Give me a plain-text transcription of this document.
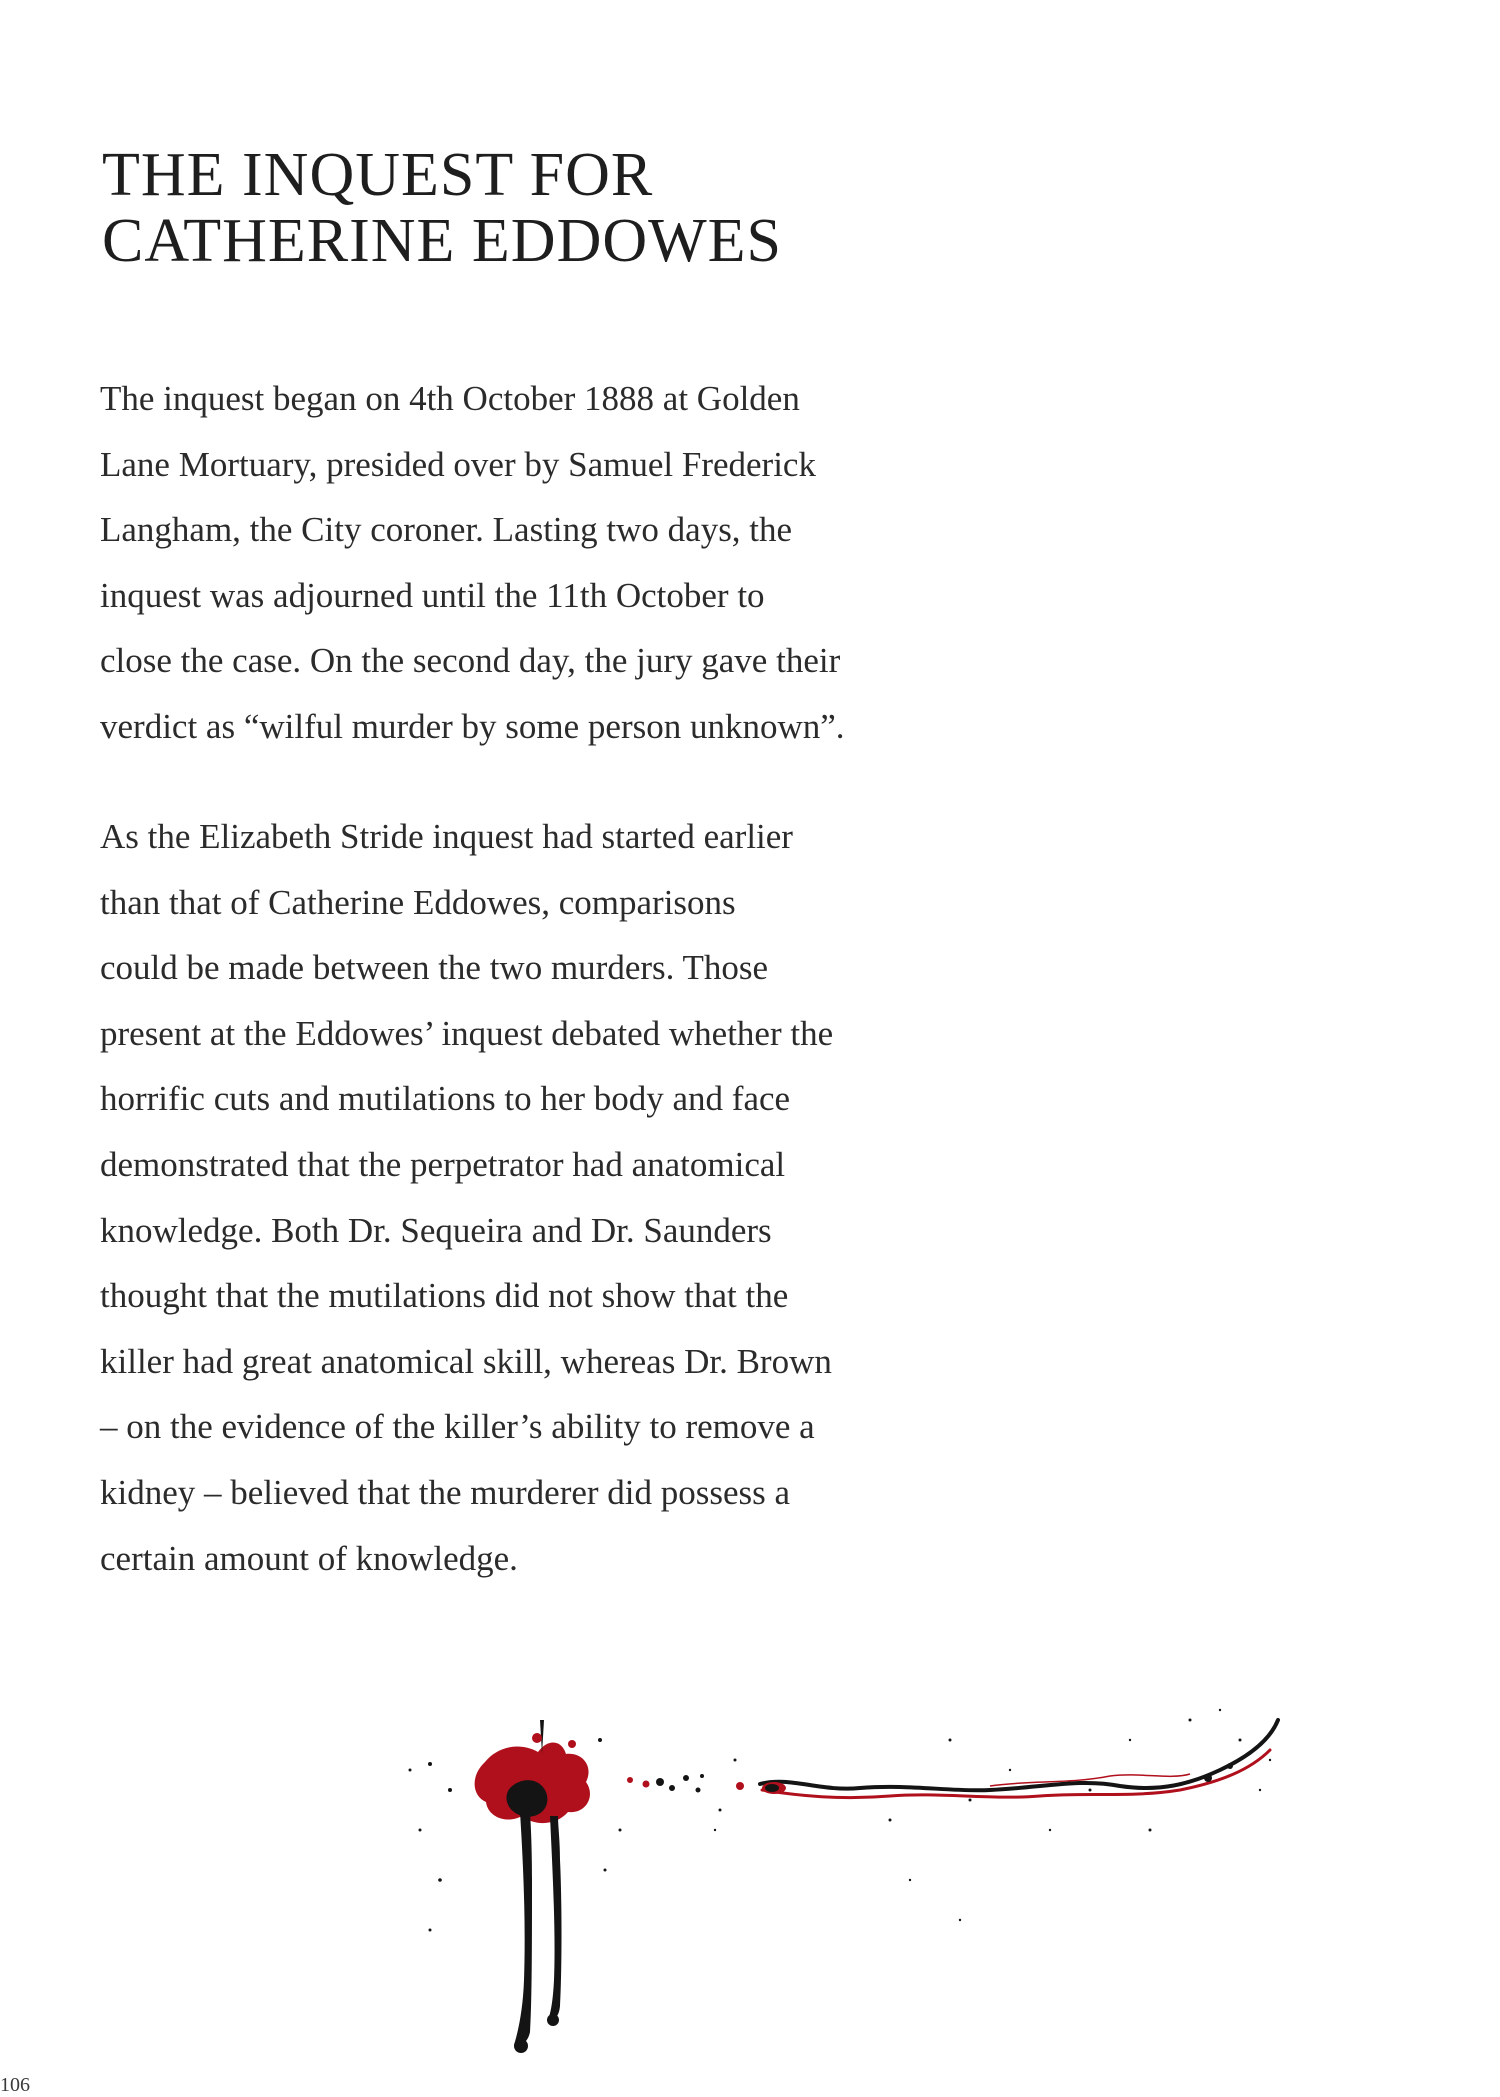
THE INQUEST FOR
CATHERINE EDDOWES

The inquest began on 4th October 1888 at Golden
Lane Mortuary, presided over by Samuel Frederick
Langham, the City coroner. Lasting two days, the
inquest was adjourned until the 11th October to
close the case. On the second day, the jury gave their
verdict as “wilful murder by some person unknown”.

As the Elizabeth Stride inquest had started earlier
than that of Catherine Eddowes, comparisons
could be made between the two murders. Those
present at the Eddowes’ inquest debated whether the
horrific cuts and mutilations to her body and face
demonstrated that the perpetrator had anatomical
knowledge. Both Dr. Sequeira and Dr. Saunders
thought that the mutilations did not show that the
killer had great anatomical skill, whereas Dr. Brown
– on the evidence of the killer’s ability to remove a
kidney – believed that the murderer did possess a
certain amount of knowledge.

106
